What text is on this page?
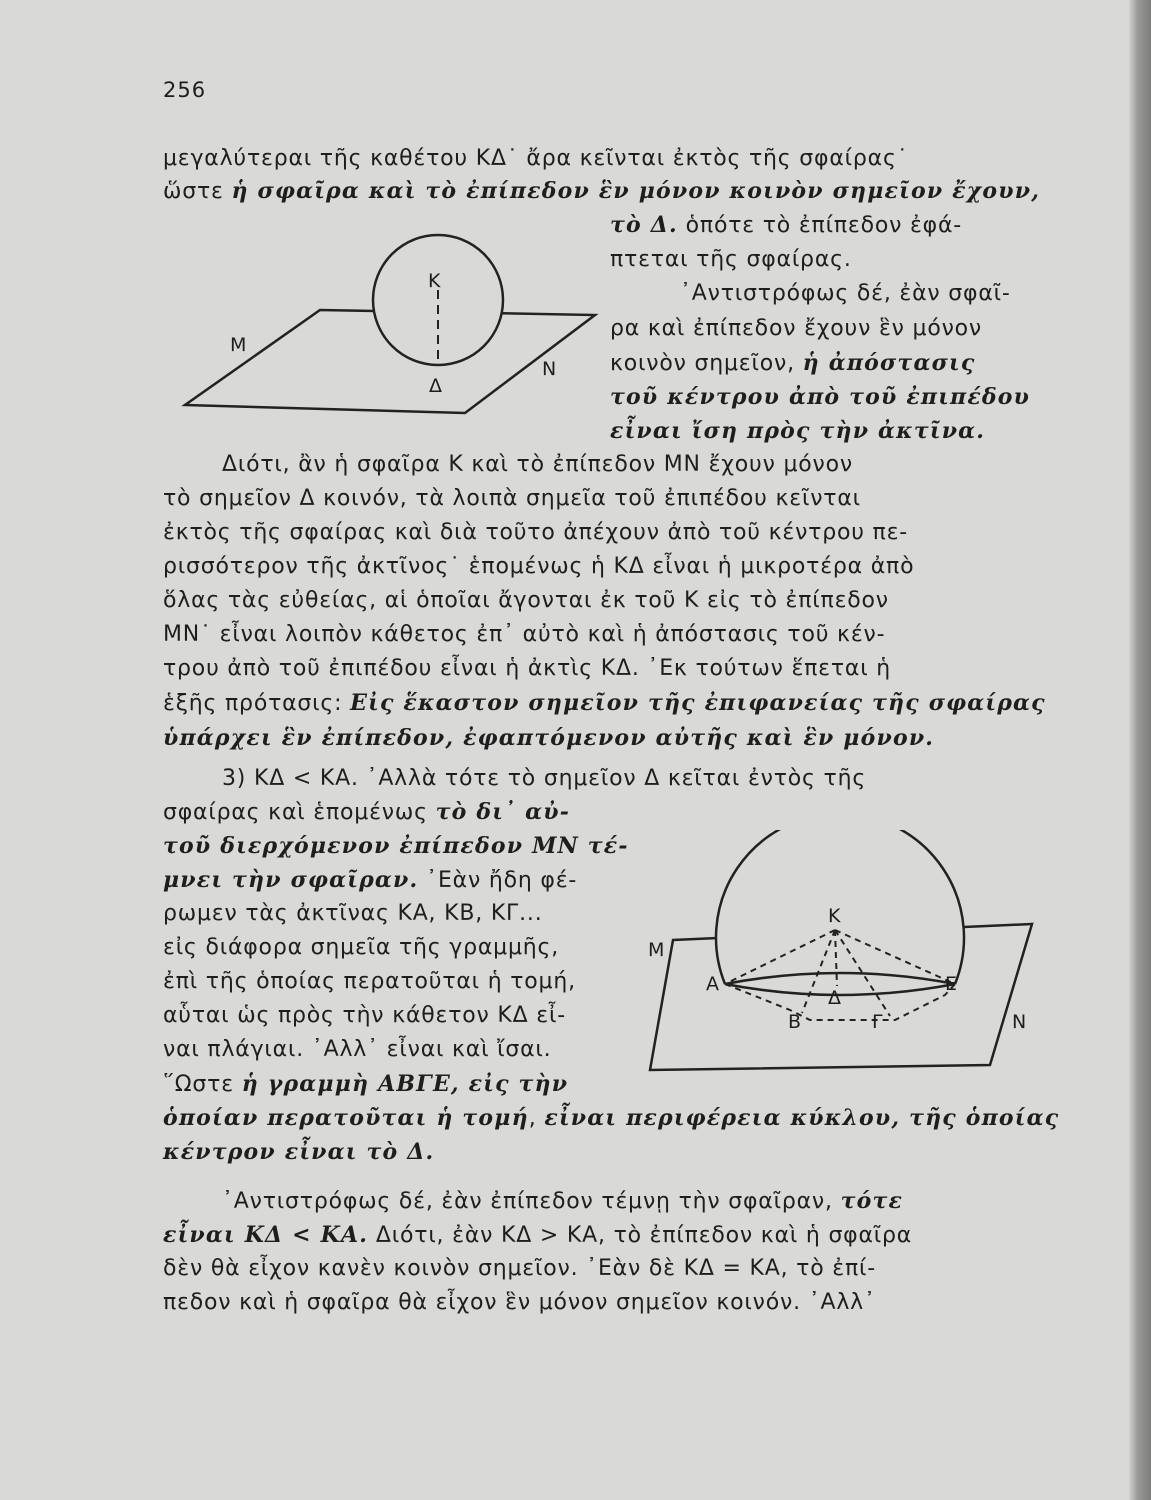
256
μεγαλύτεραι τῆς καθέτου ΚΔ˙ ἄρα κεῖνται ἐκτὸς τῆς σφαίρας˙
ὥστε ἡ σφαῖρα καὶ τὸ ἐπίπεδον ἓν μόνον κοινὸν σημεῖον ἔχουν,
τὸ Δ. ὁπότε τὸ ἐπίπεδον ἐφά-
πτεται τῆς σφαίρας.
᾿Αντιστρόφως δέ, ἐὰν σφαῖ-
ρα καὶ ἐπίπεδον ἔχουν ἓν μόνον
κοινὸν σημεῖον, ἡ ἀπόστασις
τοῦ κέντρου ἀπὸ τοῦ ἐπιπέδου
εἶναι ἴση πρὸς τὴν ἀκτῖνα.
Διότι, ἂν ἡ σφαῖρα Κ καὶ τὸ ἐπίπεδον ΜΝ ἔχουν μόνον
τὸ σημεῖον Δ κοινόν, τὰ λοιπὰ σημεῖα τοῦ ἐπιπέδου κεῖνται
ἐκτὸς τῆς σφαίρας καὶ διὰ τοῦτο ἀπέχουν ἀπὸ τοῦ κέντρου πε-
ρισσότερον τῆς ἀκτῖνος˙ ἑπομένως ἡ ΚΔ εἶναι ἡ μικροτέρα ἀπὸ
ὅλας τὰς εὐθείας, αἱ ὁποῖαι ἄγονται ἐκ τοῦ Κ εἰς τὸ ἐπίπεδον
ΜΝ˙ εἶναι λοιπὸν κάθετος ἐπ᾿ αὐτὸ καὶ ἡ ἀπόστασις τοῦ κέν-
τρου ἀπὸ τοῦ ἐπιπέδου εἶναι ἡ ἀκτὶς ΚΔ. ᾿Εκ τούτων ἕπεται ἡ
ἑξῆς πρότασις: Εἰς ἕκαστον σημεῖον τῆς ἐπιφανείας τῆς σφαίρας
ὑπάρχει ἓν ἐπίπεδον, ἐφαπτόμενον αὐτῆς καὶ ἓν μόνον.
3) ΚΔ < ΚΑ. ᾿Αλλὰ τότε τὸ σημεῖον Δ κεῖται ἐντὸς τῆς
σφαίρας καὶ ἑπομένως τὸ δι᾿ αὐ-
τοῦ διερχόμενον ἐπίπεδον ΜΝ τέ-
μνει τὴν σφαῖραν. ᾿Εὰν ἤδη φέ-
ρωμεν τὰς ἀκτῖνας ΚΑ, ΚΒ, ΚΓ...
εἰς διάφορα σημεῖα τῆς γραμμῆς,
ἐπὶ τῆς ὁποίας περατοῦται ἡ τομή,
αὗται ὡς πρὸς τὴν κάθετον ΚΔ εἶ-
ναι πλάγιαι. ᾿Αλλ᾿ εἶναι καὶ ἴσαι.
῞Ωστε ἡ γραμμὴ ΑΒΓΕ, εἰς τὴν
ὁποίαν περατοῦται ἡ τομή, εἶναι περιφέρεια κύκλου, τῆς ὁποίας
κέντρον εἶναι τὸ Δ.
᾿Αντιστρόφως δέ, ἐὰν ἐπίπεδον τέμνῃ τὴν σφαῖραν, τότε
εἶναι ΚΔ < ΚΑ. Διότι, ἐὰν ΚΔ > ΚΑ, τὸ ἐπίπεδον καὶ ἡ σφαῖρα
δὲν θὰ εἶχον κανὲν κοινὸν σημεῖον. ᾿Εὰν δὲ ΚΔ = ΚΑ, τὸ ἐπί-
πεδον καὶ ἡ σφαῖρα θὰ εἶχον ἓν μόνον σημεῖον κοινόν. ᾿Αλλ᾿
Κ
Μ
Ν
Δ
Κ
Μ
Ν
Α	Ε
Β	Γ
Δ
